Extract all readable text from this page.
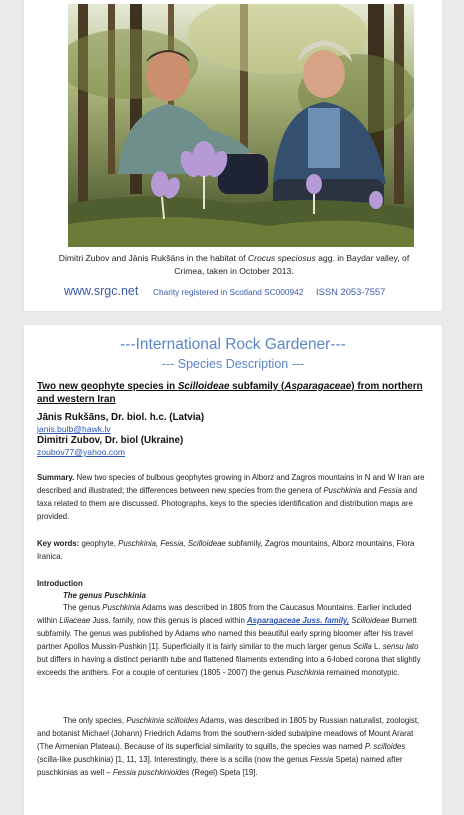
Dimitri Zubov and Jānis Rukšāns in the habitat of Crocus speciosus agg. in Baydar valley, of Crimea, taken in October 2013.
www.srgc.net Charity registered in Scotland SC000942 ISSN 2053-7557
---International Rock Gardener---
--- Species Description ---
Two new geophyte species in Scilloideae subfamily (Asparagaceae) from northern and western Iran
Jānis Rukšāns, Dr. biol. h.c. (Latvia)
janis.bulb@hawk.lv
Dimitri Zubov, Dr. biol (Ukraine)
zoubov77@yahoo.com
Summary. New two species of bulbous geophytes growing in Alborz and Zagros mountains in N and W Iran are described and illustrated; the differences between new species from the genera of Puschkinia and Fessia and taxa related to them are discussed. Photographs, keys to the species identification and distribution maps are provided.
Key words: geophyte, Puschkinia, Fessia, Scilloideae subfamily, Zagros mountains, Alborz mountains, Flora Iranica.
Introduction
The genus Puschkinia
The genus Puschkinia Adams was described in 1805 from the Caucasus Mountains. Earlier included within Liliaceae Juss. family, now this genus is placed within Asparagaceae Juss. family, Scilloideae Burnett subfamily. The genus was published by Adams who named this beautiful early spring bloomer after his travel partner Apollos Mussin-Pushkin [1]. Superficially it is fairly similar to the much larger genus Scilla L. sensu lato but differs in having a distinct perianth tube and flattened filaments extending into a 6-lobed corona that slightly exceeds the anthers. For a couple of centuries (1805 - 2007) the genus Puschkinia remained monotypic.
The only species, Puschkinia scilloides Adams, was described in 1805 by Russian naturalist, zoologist, and botanist Michael (Johann) Friedrich Adams from the southern-sided subalpine meadows of Mount Ararat (The Armenian Plateau). Because of its superficial similarity to squills, the species was named P. scilloides (scilla-like puschkinia) [1, 11, 13]. Interestingly, there is a scilla (now the genus Fessia Speta) named after puschkinias as well – Fessia puschkinioides (Regel) Speta [19].
